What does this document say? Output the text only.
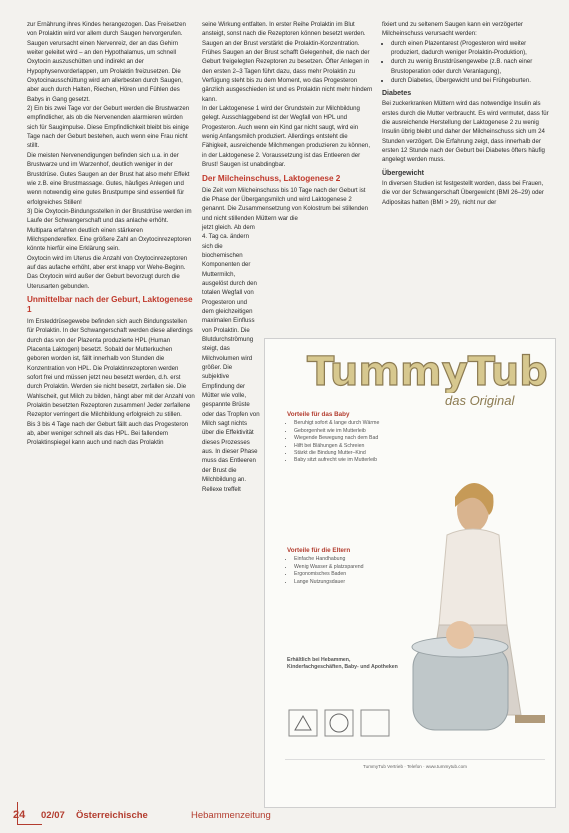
zur Ernährung ihres Kindes herangezogen. Das Freisetzen von Prolaktin wird vor allem durch Saugen hervorgerufen. Saugen verursacht einen Nervenreiz, der an das Gehirn weiter geleitet wird – an den Hypothalamus, um schnell Oxytocin auszuschütten und indirekt an der Hypophysenvorderlappen, um Prolaktin freizusetzen. Die Oxytocinausschüttung wird am allerbesten durch Saugen, aber auch durch Halten, Riechen, Hören und Fühlen des Babys in Gang gesetzt.

2) Ein bis zwei Tage vor der Geburt werden die Brustwarzen empfindlicher, als ob die Nervenenden alarmieren würden sich für Saugimpulse. Diese Empfindlichkeit bleibt bis einige Tage nach der Geburt bestehen, auch wenn eine Frau nicht stillt.

Die meisten Nervenendigungen befinden sich u.a. in der Brustwarze und im Warzenhof, deutlich weniger in der Brustdrüse. Gutes Saugen an der Brust hat also mehr Effekt wie z.B. eine Brustmassage. Gutes, häufiges Anlegen und wenn notwendig eine gutes Brustpumpe sind essentiell für erfolgreiches Stillen!

3) Die Oxytocin-Bindungsstellen in der Brustdrüse werden im Laufe der Schwangerschaft und das anlache erhöht. Multipara erfahren deutlich einen stärkeren Milchspendereflex. Eine größere Zahl an Oxytocinrezeptoren könnte hierfür eine Erklärung sein.

Oxytocin wird im Uterus die Anzahl von Oxytocinrezeptoren auf das aufache erhöht, aber erst knapp vor Wehe-Beginn. Das Oxytocin wird außer der Geburt bevorzugt durch die Uterusarten gebunden.

Unmittelbar nach der Geburt, Laktogenese 1

Im Ersteddrüsegewebe befinden sich auch Bindungsstellen für Prolaktin. In der Schwangerschaft werden diese allerdings durch das von der Plazenta produzierte HPL (Human Placenta Laktogen) besetzt. Sobald der Mutterkuchen geboren worden ist, fällt innerhalb von Stunden die Konzentration von HPL. Die Prolaktinrezeptoren werden sofort frei und müssen jetzt neu besetzt werden, d.h. erst durch Prolaktin. Werden sie nicht besetzt, zerfallen sie. Die Wahlscheit, gut Milch zu bilden, hängt aber mit der Anzahl von Prolaktin besetzten Rezeptoren zusammen! Jeder zerfallene Rezeptor verringert die Milchbildung erfolgreich zu stillen.

Bis 3 bis 4 Tage nach der Geburt fällt auch das Progesteron ab, aber weniger schnell als das HPL. Bei fallendem Prolaktinspiegel kann auch und nach das Prolaktin

seine Wirkung entfalten. In erster Reihe Prolaktin im Blut ansteigt, sonst nach die Rezeptoren können besetzt werden. Saugen an der Brust verstärkt die Prolaktin-Konzentration. Frühes Saugen an der Brust schafft Gelegenheit, die nach der Geburt freigelegten Rezeptoren zu besetzen. Öfter Anlegen in den ersten 2–3 Tagen führt dazu, dass mehr Prolaktin zu Verfügung steht bis zu dem Moment, wo das Progesteron gänzlich ausgeschieden ist und es Prolaktin nicht mehr hindern kann.

In der Laktogenese 1 wird der Grundstein zur Milchbildung gelegt. Ausschlaggebend ist der Wegfall von HPL und Progesteron. Auch wenn ein Kind gar nicht saugt, wird ein wenig Anfangsmilch produziert. Allerdings entsteht die Fähigkeit, ausreichende Milchmengen produzieren zu können, in der Laktogenese 2. Voraussetzung ist das Entleeren der Brust! Saugen ist unabdingbar.

Der Milcheinschuss, Laktogenese 2

Die Zeit vom Milcheinschuss bis 10 Tage nach der Geburt ist die Phase der Übergangsmilch und wird Laktogenese 2 genannt. Die Zusammensetzung von Kolostrum bei stillenden und nicht stillenden Müttern war die

jetzt gleich. Ab dem 4. Tag ca. ändern sich die biochemischen Komponenten der Muttermilch, ausgelöst durch den totalen Wegfall von Progesteron und dem gleichzeitigen maximalen Einfluss von Prolaktin. Die Blutdurchströmung steigt, das Milchvolumen wird größer. Die subjektive Empfindung der Mütter wie volle, gespannte Brüste oder das Tropfen von Milch sagt nichts über die Effektivität dieses Prozesses aus. In dieser Phase muss das Entleeren der Brust die Milchbildung an. Rellexe treffelt

fixiert und zu seltenem Saugen kann ein verzögerter Milcheinschuss verursacht werden:

• durch einen Plazentarest (Progesteron wird weiter produziert, dadurch weniger Prolaktin-Produktion),
• durch zu wenig Brustdrüsengewebe (z.B. nach einer Brustoperation oder durch Veranlagung),
• durch Diabetes, Übergewicht und bei Frühgeburten.
Diabetes

Bei zuckerkranken Müttern wird das notwendige Insulin als erstes durch die Mutter verbraucht. Es wird vermutet, dass für die ausreichende Herstellung der Laktogenese 2 zu wenig Insulin übrig bleibt und daher der Milcheinschuss sich um 24 Stunden verzögert. Die Erfahrung zeigt, dass innerhalb der ersten 12 Stunde nach der Geburt bei Diabetes öfters häufig angelegt werden muss.

Übergewicht

In diversen Studien ist festgestellt worden, dass bei Frauen, die vor der Schwangerschaft Übergewicht (BMI 26–29) oder Adipositas hatten (BMI > 29), nicht nur der

TummyTub
das Original
Vorteile für das Baby
• Beruhigt sofort & lange durch Wärme
• Geborgenheit wie im Mutterleib
• Wiegende Bewegung nach dem Bad
• Hilft bei Blähungen & Schreien
• Stärkt die Bindung Mutter–Kind
• Baby sitzt aufrecht wie im Mutterleib
Vorteile für die Eltern
• Einfache Handhabung
• Wenig Wasser & platzsparend
• Ergonomisches Baden
• Lange Nutzungsdauer
Erhältlich bei Hebammen, Kinderfachgeschäften, Baby- und Apotheken
TummyTub Vertrieb · Telefon · www.tummytub.com
24 02/07 Österreichische	Hebammenzeitung
